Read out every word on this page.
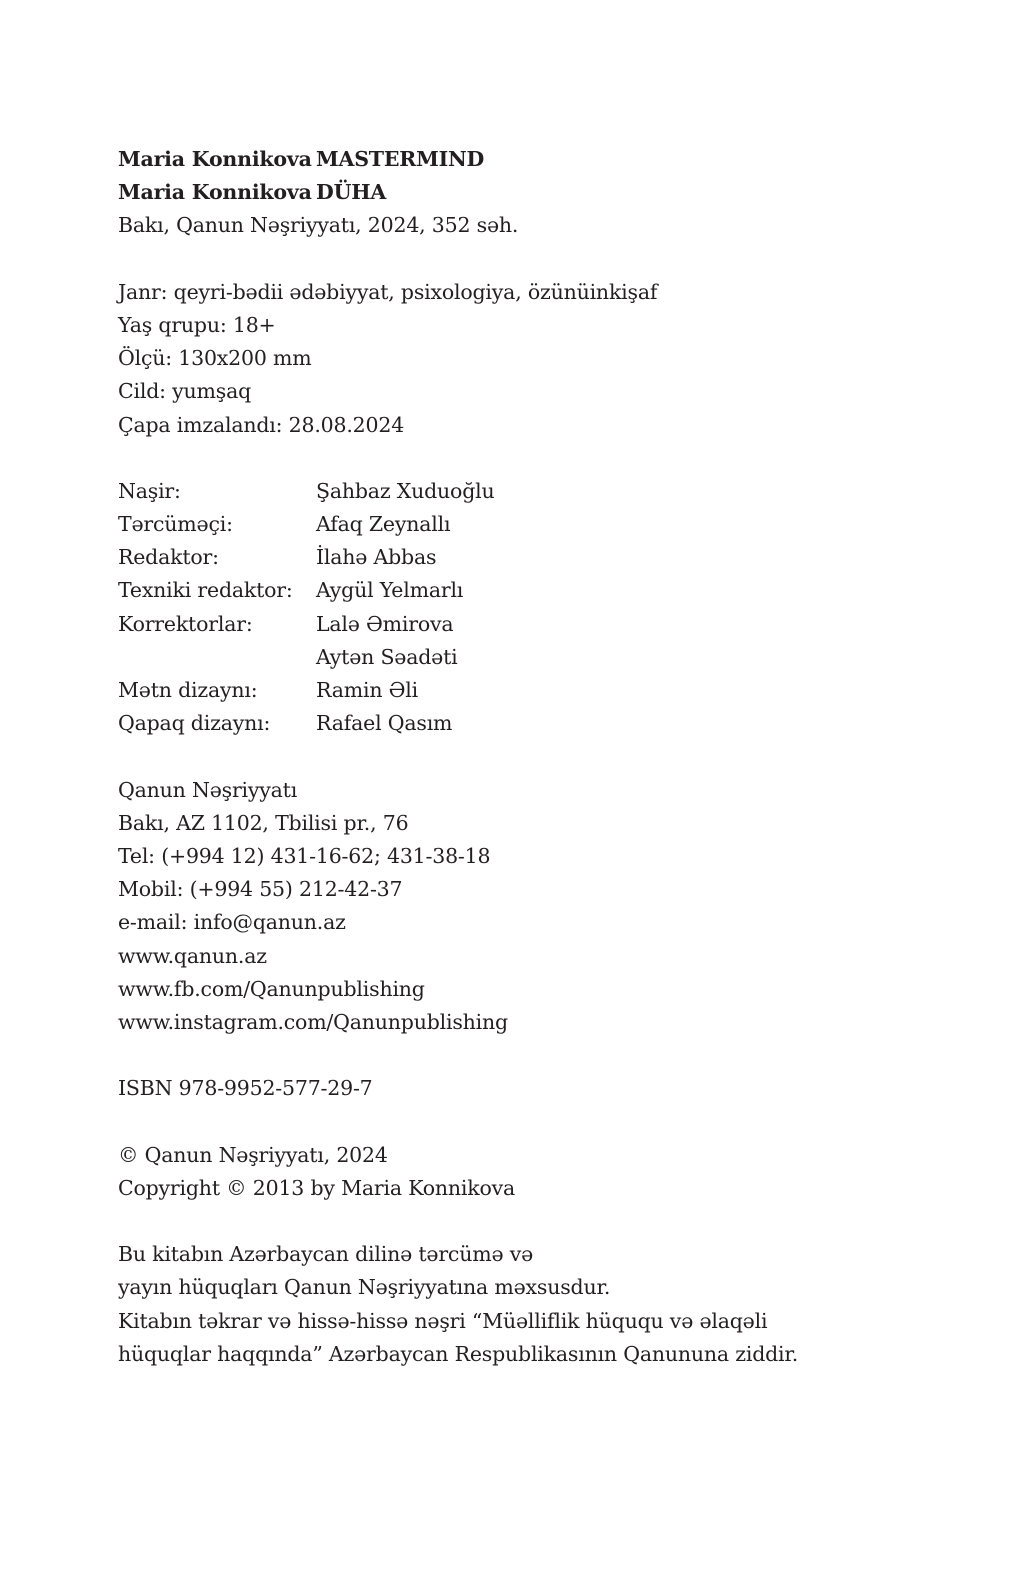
Maria Konnikova MASTERMIND
Maria Konnikova DÜHA
Bakı, Qanun Nəşriyyatı, 2024, 352 səh.
Janr: qeyri-bədii ədəbiyyat, psixologiya, özünüinkişaf
Yaş qrupu: 18+
Ölçü: 130x200 mm
Cild: yumşaq
Çapa imzalandı: 28.08.2024
Naşir:	Şahbaz Xuduoğlu
Tərcüməçi:	Afaq Zeynallı
Redaktor:	İlahə Abbas
Texniki redaktor:	Aygül Yelmarlı
Korrektorlar:	Lalə Əmirova
Aytən Səadəti
Mətn dizaynı:	Ramin Əli
Qapaq dizaynı:	Rafael Qasım
Qanun Nəşriyyatı
Bakı, AZ 1102, Tbilisi pr., 76
Tel: (+994 12) 431-16-62; 431-38-18
Mobil: (+994 55) 212-42-37
e-mail: info@qanun.az
www.qanun.az
www.fb.com/Qanunpublishing
www.instagram.com/Qanunpublishing
ISBN 978-9952-577-29-7
© Qanun Nəşriyyatı, 2024
Copyright © 2013 by Maria Konnikova
Bu kitabın Azərbaycan dilinə tərcümə və
yayın hüquqları Qanun Nəşriyyatına məxsusdur.
Kitabın təkrar və hissə-hissə nəşri “Müəlliflik hüququ və əlaqəli
hüquqlar haqqında” Azərbaycan Respublikasının Qanununa ziddir.
